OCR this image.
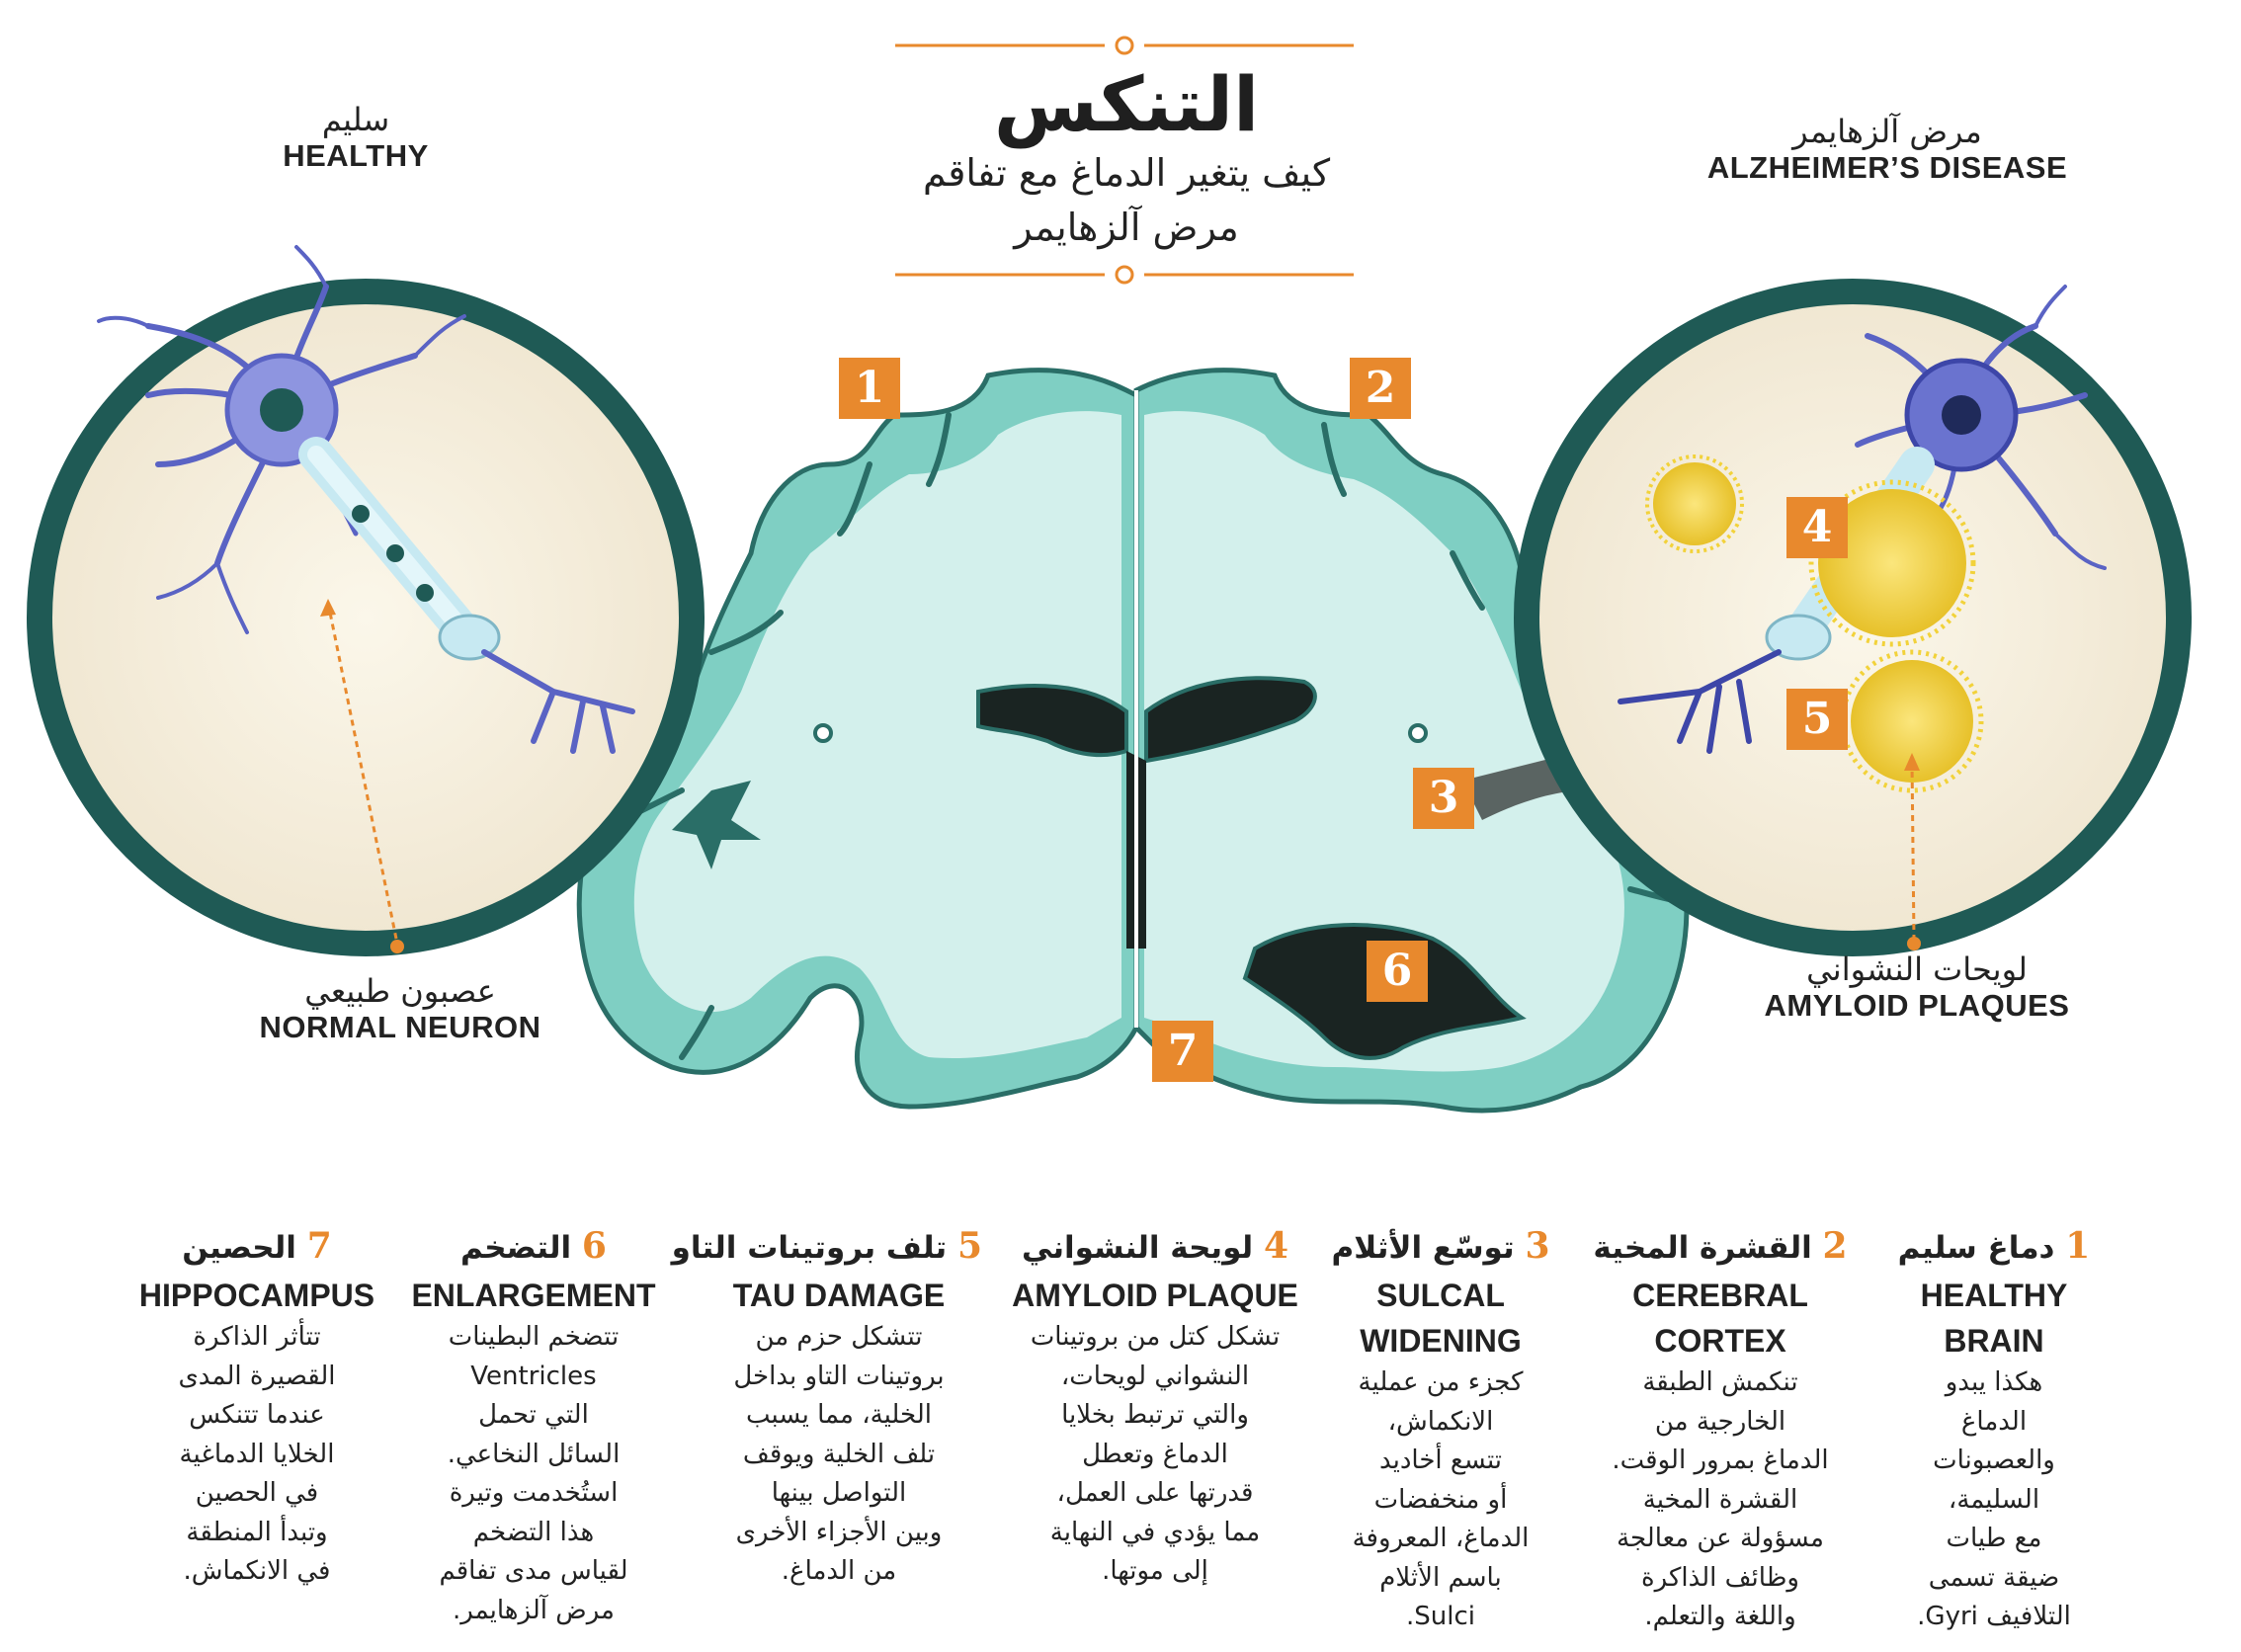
التنكس
كيف يتغير الدماغ مع تفاقم
مرض آلزهايمر
سليم
HEALTHY
مرض آلزهايمر
ALZHEIMER’S DISEASE
عصبون طبيعي
NORMAL NEURON
لويحات النشواني
AMYLOID PLAQUES
1	2
3
4
5
6
7
1 دماغ سليم
HEALTHY
BRAIN
هكذا يبدو
الدماغ
والعصبونات
السليمة،
مع طيات
ضيقة تسمى
التلافيف Gyri.
2 القشرة المخية
CEREBRAL
CORTEX
تنكمش الطبقة
الخارجية من
الدماغ بمرور الوقت.
القشرة المخية
مسؤولة عن معالجة
وظائف الذاكرة
واللغة والتعلم.
3 توسّع الأثلام
SULCAL
WIDENING
كجزء من عملية
الانكماش،
تتسع أخاديد
أو منخفضات
الدماغ، المعروفة
باسم الأثلام
Sulci.
4 لويحة النشواني
AMYLOID PLAQUE
تشكل كتل من بروتينات
النشواني لويحات،
والتي ترتبط بخلايا
الدماغ وتعطل
قدرتها على العمل،
مما يؤدي في النهاية
إلى موتها.
5 تلف بروتينات التاو
TAU DAMAGE
تتشكل حزم من
بروتينات التاو بداخل
الخلية، مما يسبب
تلف الخلية ويوقف
التواصل بينها
وبين الأجزاء الأخرى
من الدماغ.
6 التضخم
ENLARGEMENT
تتضخم البطينات
Ventricles
التي تحمل
السائل النخاعي.
استُخدمت وتيرة
هذا التضخم
لقياس مدى تفاقم
مرض آلزهايمر.
7 الحصين
HIPPOCAMPUS
تتأثر الذاكرة
القصيرة المدى
عندما تتنكس
الخلايا الدماغية
في الحصين
وتبدأ المنطقة
في الانكماش.
